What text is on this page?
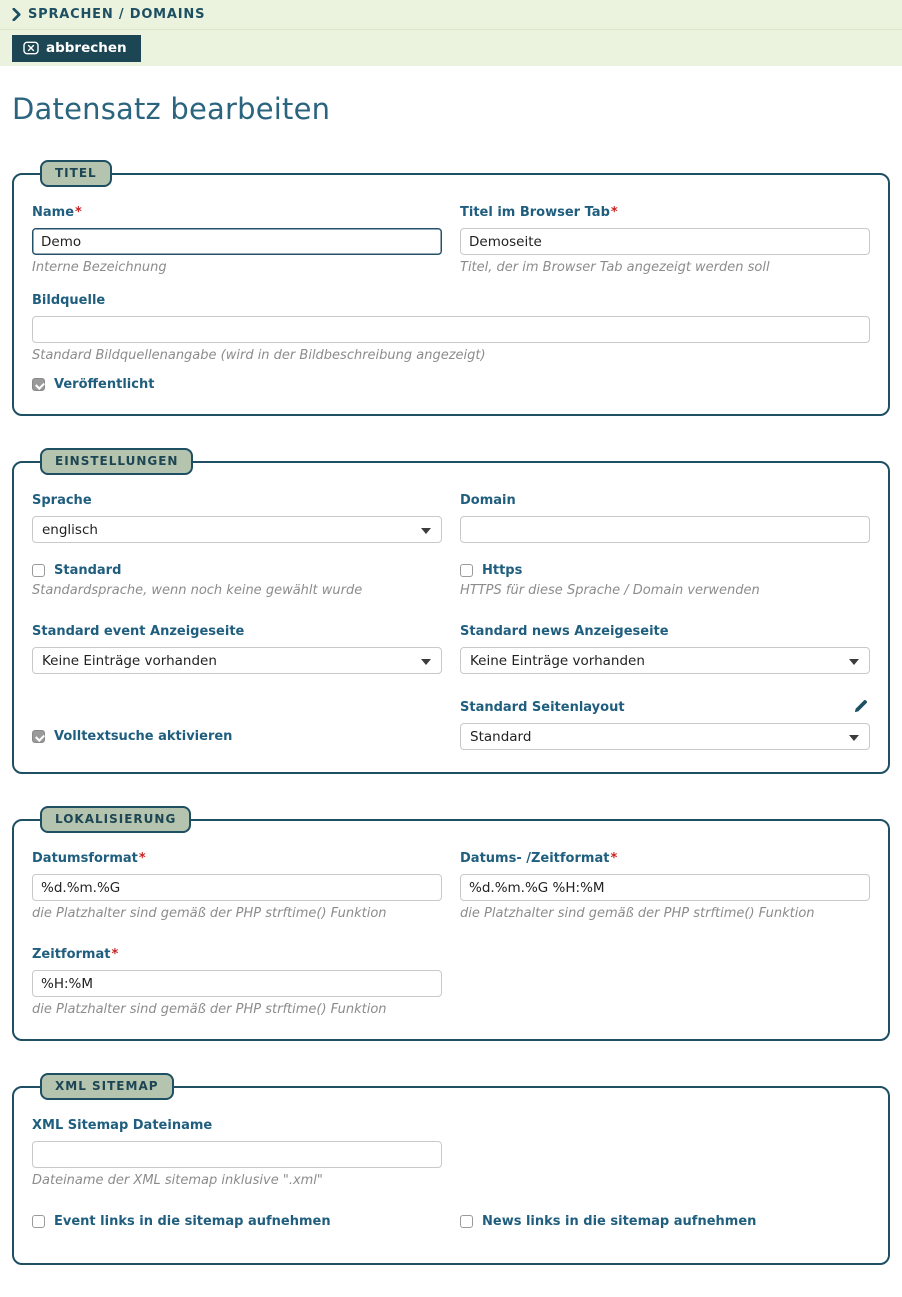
SPRACHEN / DOMAINS
abbrechen
Datensatz bearbeiten
TITEL
Name *
Demo
Interne Bezeichnung
Titel im Browser Tab *
Demoseite
Titel, der im Browser Tab angezeigt werden soll
Bildquelle
Standard Bildquellenangabe (wird in der Bildbeschreibung angezeigt)
Veröffentlicht
EINSTELLUNGEN
Sprache
englisch
Domain
Standard
Standardsprache, wenn noch keine gewählt wurde
Https
HTTPS für diese Sprache / Domain verwenden
Standard event Anzeigeseite
Keine Einträge vorhanden
Standard news Anzeigeseite
Keine Einträge vorhanden
Volltextsuche aktivieren
Standard Seitenlayout
Standard
LOKALISIERUNG
Datumsformat *
%d.%m.%G
die Platzhalter sind gemäß der PHP strftime() Funktion
Datums- /Zeitformat *
%d.%m.%G %H:%M
die Platzhalter sind gemäß der PHP strftime() Funktion
Zeitformat *
%H:%M
die Platzhalter sind gemäß der PHP strftime() Funktion
XML SITEMAP
XML Sitemap Dateiname
Dateiname der XML sitemap inklusive ".xml"
Event links in die sitemap aufnehmen	News links in die sitemap aufnehmen
